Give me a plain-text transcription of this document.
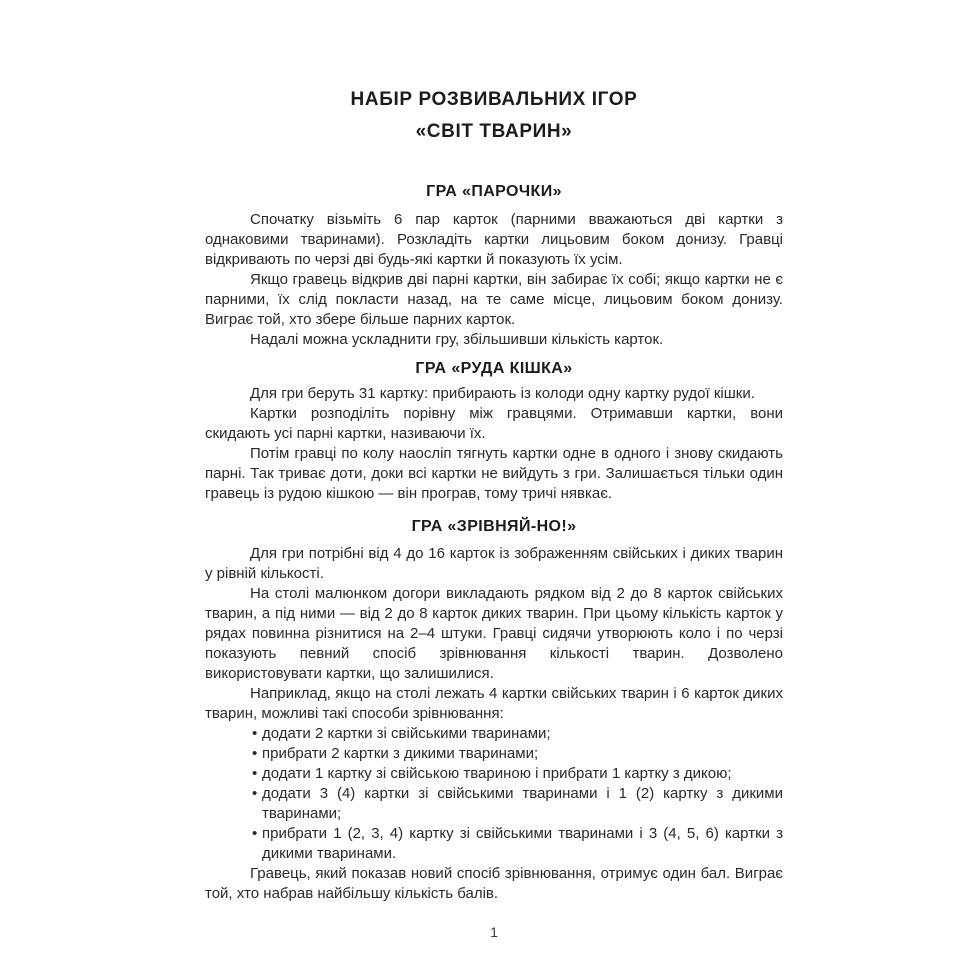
НАБІР РОЗВИВАЛЬНИХ ІГОР
«СВІТ ТВАРИН»
ГРА «ПАРОЧКИ»

Спочатку візьміть 6 пар карток (парними вважаються дві картки з однаковими тваринами). Розкладіть картки лицьовим боком донизу. Гравці відкривають по черзі дві будь-які картки й показують їх усім.

Якщо гравець відкрив дві парні картки, він забирає їх собі; якщо картки не є парними, їх слід покласти назад, на те саме місце, лицьовим боком донизу. Виграє той, хто збере більше парних карток.

Надалі можна ускладнити гру, збільшивши кількість карток.

ГРА «РУДА КІШКА»

Для гри беруть 31 картку: прибирають із колоди одну картку рудої кішки.

Картки розподіліть порівну між гравцями. Отримавши картки, вони скидають усі парні картки, називаючи їх.

Потім гравці по колу наосліп тягнуть картки одне в одного і знову скидають парні. Так триває доти, доки всі картки не вийдуть з гри. Залишається тільки один гравець із рудою кішкою — він програв, тому тричі нявкає.

ГРА «ЗРІВНЯЙ-НО!»

Для гри потрібні від 4 до 16 карток із зображенням свійських і диких тварин у рівній кількості.

На столі малюнком догори викладають рядком від 2 до 8 карток свійських тварин, а під ними — від 2 до 8 карток диких тварин. При цьому кількість карток у рядах повинна різнитися на 2–4 штуки. Гравці сидячи утворюють коло і по черзі показують певний спосіб зрівнювання кількості тварин. Дозволено використовувати картки, що залишилися.

Наприклад, якщо на столі лежать 4 картки свійських тварин і 6 карток диких тварин, можливі такі способи зрівнювання:

• додати 2 картки зі свійськими тваринами;
• прибрати 2 картки з дикими тваринами;
• додати 1 картку зі свійською твариною і прибрати 1 картку з дикою;
• додати 3 (4) картки зі свійськими тваринами і 1 (2) картку з дикими тваринами;
• прибрати 1 (2, 3, 4) картку зі свійськими тваринами і 3 (4, 5, 6) картки з дикими тваринами.

Гравець, який показав новий спосіб зрівнювання, отримує один бал. Виграє той, хто набрав найбільшу кількість балів.

1
